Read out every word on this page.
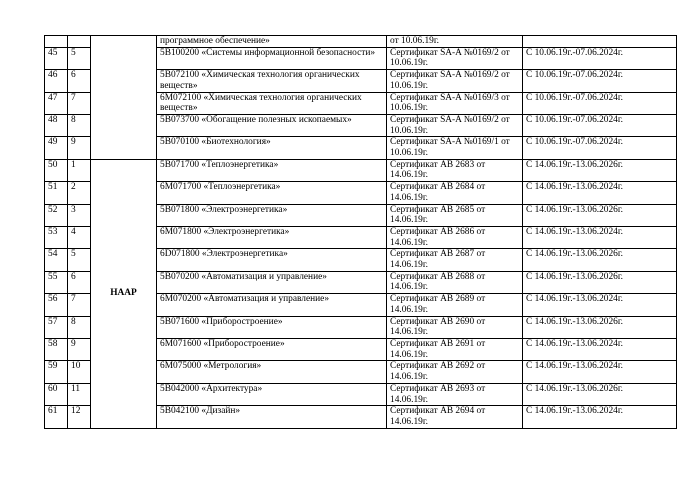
			программное обеспечение»	от 10.06.19г.	
45	5		5В100200 «Системы информационной безопасности»	Сертификат SA-A №0169/2 от 10.06.19г.	С 10.06.19г.-07.06.2024г.
46	6		5В072100 «Химическая технология органических веществ»	Сертификат SA-A №0169/2 от 10.06.19г.	С 10.06.19г.-07.06.2024г.
47	7		6М072100 «Химическая технология органических веществ»	Сертификат SA-A №0169/3 от 10.06.19г.	С 10.06.19г.-07.06.2024г.
48	8		5В073700 «Обогащение полезных ископаемых»	Сертификат SA-A №0169/2 от 10.06.19г.	С 10.06.19г.-07.06.2024г.
49	9		5В070100 «Биотехнология»	Сертификат SA-A №0169/1 от 10.06.19г.	С 10.06.19г.-07.06.2024г.
50	1	НААР	5В071700 «Теплоэнергетика»	Сертификат АВ 2683 от 14.06.19г.	С 14.06.19г.-13.06.2026г.
51	2		6М071700 «Теплоэнергетика»	Сертификат АВ 2684 от 14.06.19г.	С 14.06.19г.-13.06.2024г.
52	3		5В071800 «Электроэнергетика»	Сертификат АВ 2685 от 14.06.19г.	С 14.06.19г.-13.06.2026г.
53	4		6М071800 «Электроэнергетика»	Сертификат АВ 2686 от 14.06.19г.	С 14.06.19г.-13.06.2024г.
54	5		6D071800 «Электроэнергетика»	Сертификат АВ 2687 от 14.06.19г.	С 14.06.19г.-13.06.2026г.
55	6		5В070200 «Автоматизация и управление»	Сертификат АВ 2688 от 14.06.19г.	С 14.06.19г.-13.06.2026г.
56	7		6М070200 «Автоматизация и управление»	Сертификат АВ 2689 от 14.06.19г.	С 14.06.19г.-13.06.2024г.
57	8		5В071600 «Приборостроение»	Сертификат АВ 2690 от 14.06.19г.	С 14.06.19г.-13.06.2026г.
58	9		6М071600 «Приборостроение»	Сертификат АВ 2691 от 14.06.19г.	С 14.06.19г.-13.06.2024г.
59	10		6М075000 «Метрология»	Сертификат АВ 2692 от 14.06.19г.	С 14.06.19г.-13.06.2024г.
60	11		5В042000 «Архитектура»	Сертификат АВ 2693 от 14.06.19г.	С 14.06.19г.-13.06.2026г.
61	12		5В042100 «Дизайн»	Сертификат АВ 2694 от 14.06.19г.	С 14.06.19г.-13.06.2024г.
